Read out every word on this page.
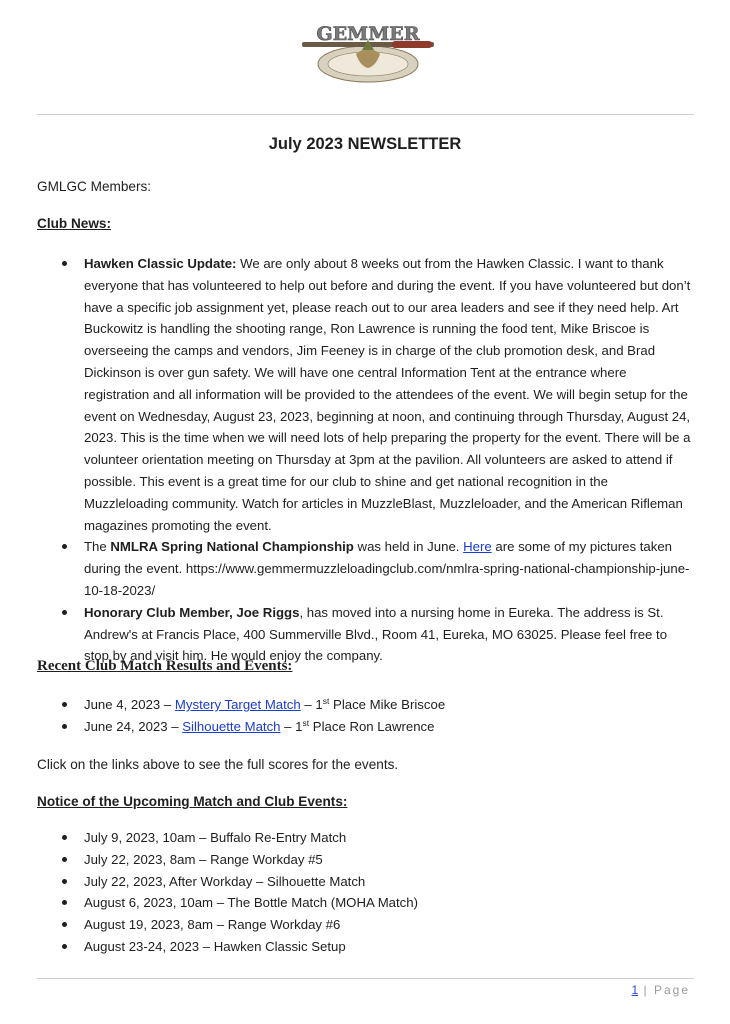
GEMMER
July 2023 NEWSLETTER
GMLGC Members:
Club News:
Hawken Classic Update: We are only about 8 weeks out from the Hawken Classic. I want to thank everyone that has volunteered to help out before and during the event. If you have volunteered but don’t have a specific job assignment yet, please reach out to our area leaders and see if they need help. Art Buckowitz is handling the shooting range, Ron Lawrence is running the food tent, Mike Briscoe is overseeing the camps and vendors, Jim Feeney is in charge of the club promotion desk, and Brad Dickinson is over gun safety. We will have one central Information Tent at the entrance where registration and all information will be provided to the attendees of the event. We will begin setup for the event on Wednesday, August 23, 2023, beginning at noon, and continuing through Thursday, August 24, 2023. This is the time when we will need lots of help preparing the property for the event. There will be a volunteer orientation meeting on Thursday at 3pm at the pavilion. All volunteers are asked to attend if possible. This event is a great time for our club to shine and get national recognition in the Muzzleloading community. Watch for articles in MuzzleBlast, Muzzleloader, and the American Rifleman magazines promoting the event.
The NMLRA Spring National Championship was held in June. Here are some of my pictures taken during the event. https://www.gemmermuzzleloadingclub.com/nmlra-spring-national-championship-june-10-18-2023/
Honorary Club Member, Joe Riggs, has moved into a nursing home in Eureka. The address is St. Andrew's at Francis Place, 400 Summerville Blvd., Room 41, Eureka, MO 63025. Please feel free to stop by and visit him. He would enjoy the company.
Recent Club Match Results and Events:
June 4, 2023 – Mystery Target Match – 1st Place Mike Briscoe
June 24, 2023 – Silhouette Match – 1st Place Ron Lawrence
Click on the links above to see the full scores for the events.
Notice of the Upcoming Match and Club Events:
July 9, 2023, 10am – Buffalo Re-Entry Match
July 22, 2023, 8am – Range Workday #5
July 22, 2023, After Workday – Silhouette Match
August 6, 2023, 10am – The Bottle Match (MOHA Match)
August 19, 2023, 8am – Range Workday #6
August 23-24, 2023 – Hawken Classic Setup
1 | Page
